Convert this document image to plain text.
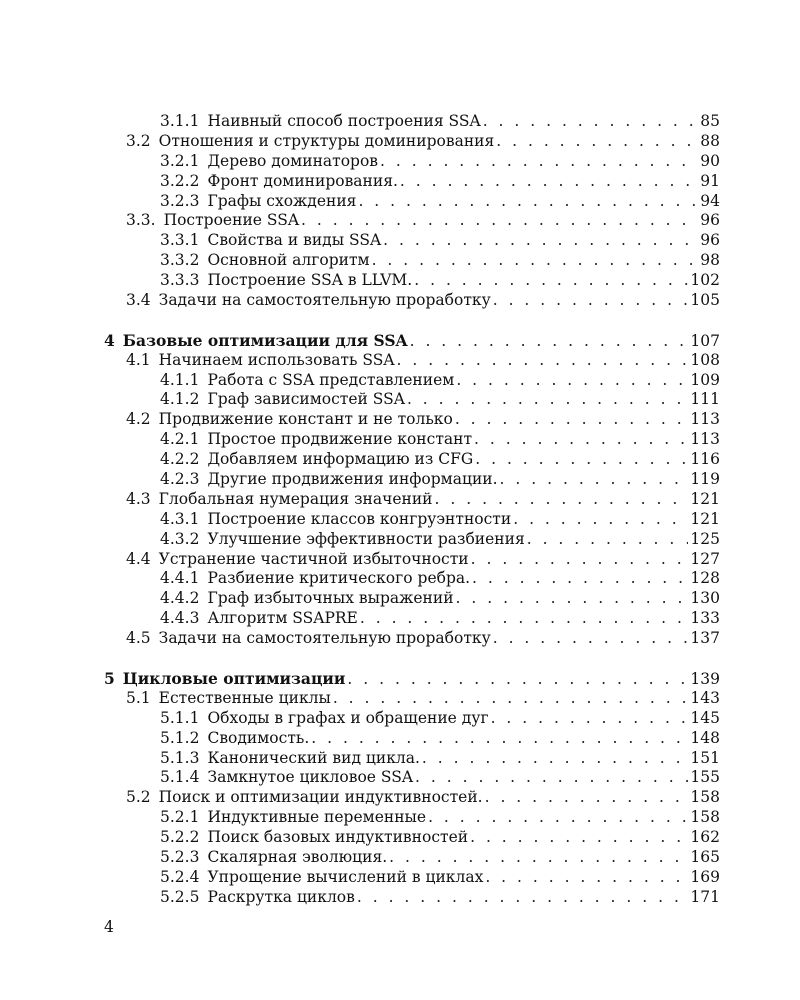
3.1.1 Наивный способ построения SSA . . .	85
3.2 Отношения и структуры доминирования . . .	88
3.2.1 Дерево доминаторов . . .	90
3.2.2 Фронт доминирования. . . .	91
3.2.3 Графы схождения . . .	94
3.3. Построение SSA . . .	96
3.3.1 Свойства и виды SSA . . .	96
3.3.2 Основной алгоритм . . .	98
3.3.3 Построение SSA в LLVM. . . .	102
3.4 Задачи на самостоятельную проработку . . .	105
4 Базовые оптимизации для SSA . . .	107
4.1 Начинаем использовать SSA . . .	108
4.1.1 Работа с SSA представлением . . .	109
4.1.2 Граф зависимостей SSA . . .	111
4.2 Продвижение констант и не только . . .	113
4.2.1 Простое продвижение констант . . .	113
4.2.2 Добавляем информацию из CFG . . .	116
4.2.3 Другие продвижения информации. . . .	119
4.3 Глобальная нумерация значений . . .	121
4.3.1 Построение классов конгруэнтности . . .	121
4.3.2 Улучшение эффективности разбиения . . .	125
4.4 Устранение частичной избыточности . . .	127
4.4.1 Разбиение критического ребра. . . .	128
4.4.2 Граф избыточных выражений . . .	130
4.4.3 Алгоритм SSAPRE . . .	133
4.5 Задачи на самостоятельную проработку . . .	137
5 Цикловые оптимизации . . .	139
5.1 Естественные циклы . . .	143
5.1.1 Обходы в графах и обращение дуг . . .	145
5.1.2 Сводимость. . . .	148
5.1.3 Канонический вид цикла. . . .	151
5.1.4 Замкнутое цикловое SSA . . .	155
5.2 Поиск и оптимизации индуктивностей. . . .	158
5.2.1 Индуктивные переменные . . .	158
5.2.2 Поиск базовых индуктивностей . . .	162
5.2.3 Скалярная эволюция. . . .	165
5.2.4 Упрощение вычислений в циклах . . .	169
5.2.5 Раскрутка циклов . . .	171
4
